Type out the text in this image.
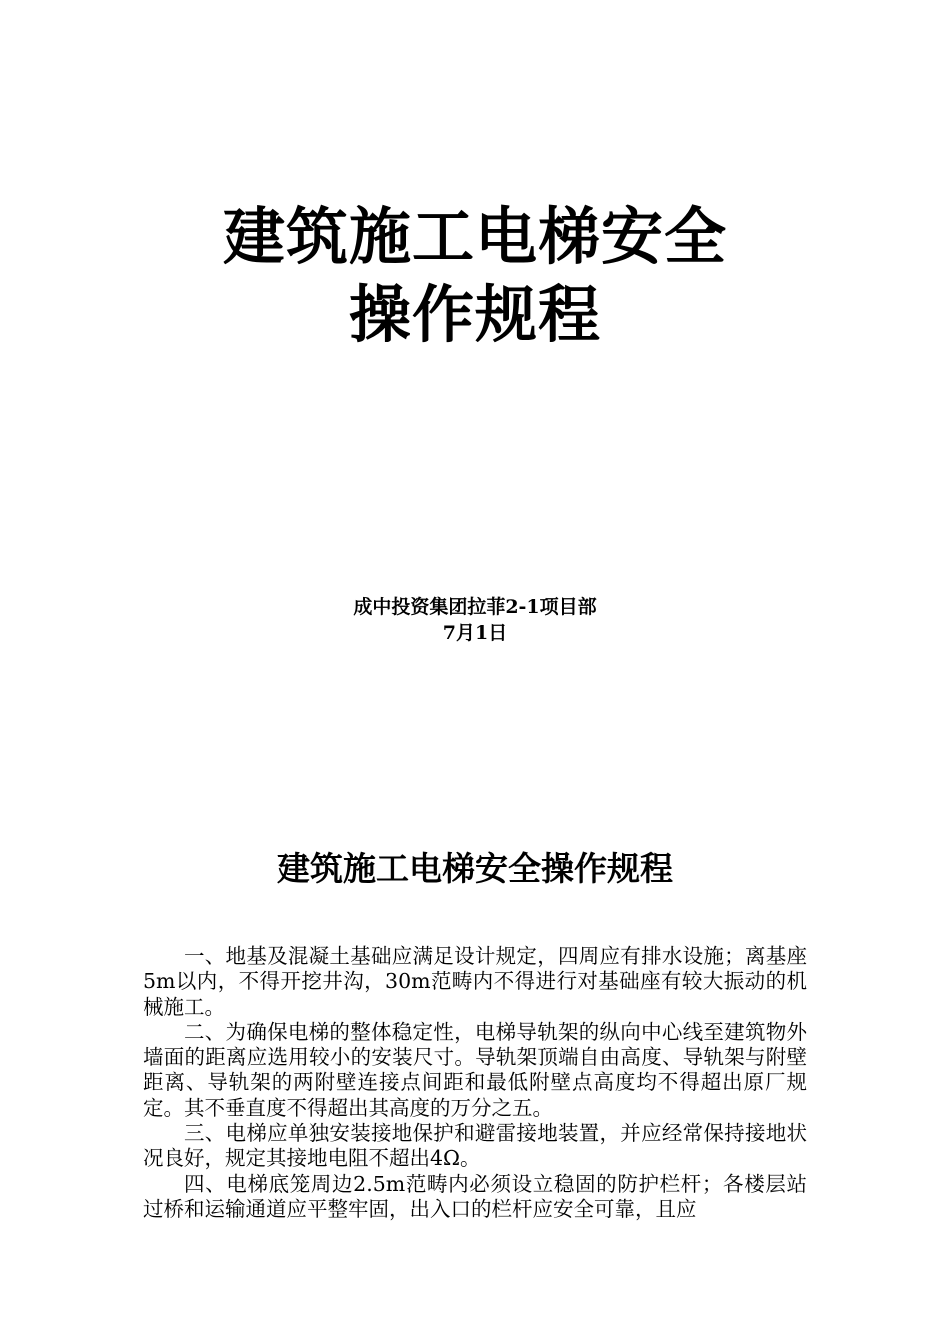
建筑施工电梯安全
操作规程
成中投资集团拉菲2-1项目部
7月1日
建筑施工电梯安全操作规程

一、地基及混凝土基础应满足设计规定，四周应有排水设施；离基座5m以内，不得开挖井沟，30m范畴内不得进行对基础座有较大振动的机械施工。

二、为确保电梯的整体稳定性，电梯导轨架的纵向中心线至建筑物外墙面的距离应选用较小的安装尺寸。导轨架顶端自由高度、导轨架与附壁距离、导轨架的两附壁连接点间距和最低附壁点高度均不得超出原厂规定。其不垂直度不得超出其高度的万分之五。

三、电梯应单独安装接地保护和避雷接地装置，并应经常保持接地状况良好，规定其接地电阻不超出4Ω。

四、电梯底笼周边2.5m范畴内必须设立稳固的防护栏杆；各楼层站过桥和运输通道应平整牢固，出入口的栏杆应安全可靠，且应
